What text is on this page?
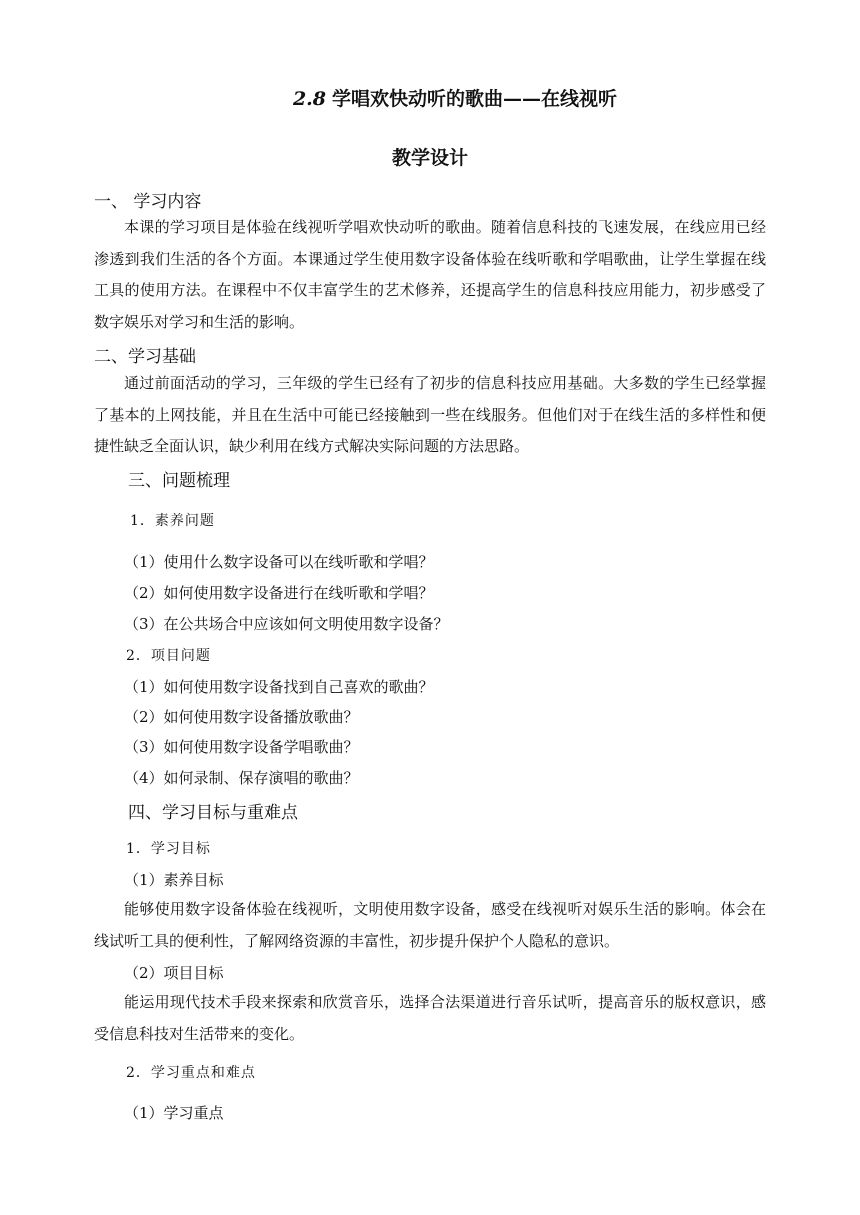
2.8 学唱欢快动听的歌曲——在线视听
教学设计
一、 学习内容
本课的学习项目是体验在线视听学唱欢快动听的歌曲。随着信息科技的飞速发展，在线应用已经渗透到我们生活的各个方面。本课通过学生使用数字设备体验在线听歌和学唱歌曲，让学生掌握在线工具的使用方法。在课程中不仅丰富学生的艺术修养，还提高学生的信息科技应用能力，初步感受了数字娱乐对学习和生活的影响。
二、学习基础
通过前面活动的学习，三年级的学生已经有了初步的信息科技应用基础。大多数的学生已经掌握了基本的上网技能，并且在生活中可能已经接触到一些在线服务。但他们对于在线生活的多样性和便捷性缺乏全面认识，缺少利用在线方式解决实际问题的方法思路。
三、问题梳理
1．素养问题
（1）使用什么数字设备可以在线听歌和学唱？
（2）如何使用数字设备进行在线听歌和学唱？
（3）在公共场合中应该如何文明使用数字设备？
2．项目问题
（1）如何使用数字设备找到自己喜欢的歌曲？
（2）如何使用数字设备播放歌曲？
（3）如何使用数字设备学唱歌曲？
（4）如何录制、保存演唱的歌曲？
四、学习目标与重难点
1．学习目标
（1）素养目标
能够使用数字设备体验在线视听，文明使用数字设备，感受在线视听对娱乐生活的影响。体会在线试听工具的便利性，了解网络资源的丰富性，初步提升保护个人隐私的意识。
（2）项目目标
能运用现代技术手段来探索和欣赏音乐，选择合法渠道进行音乐试听，提高音乐的版权意识，感受信息科技对生活带来的变化。
2．学习重点和难点
（1）学习重点
